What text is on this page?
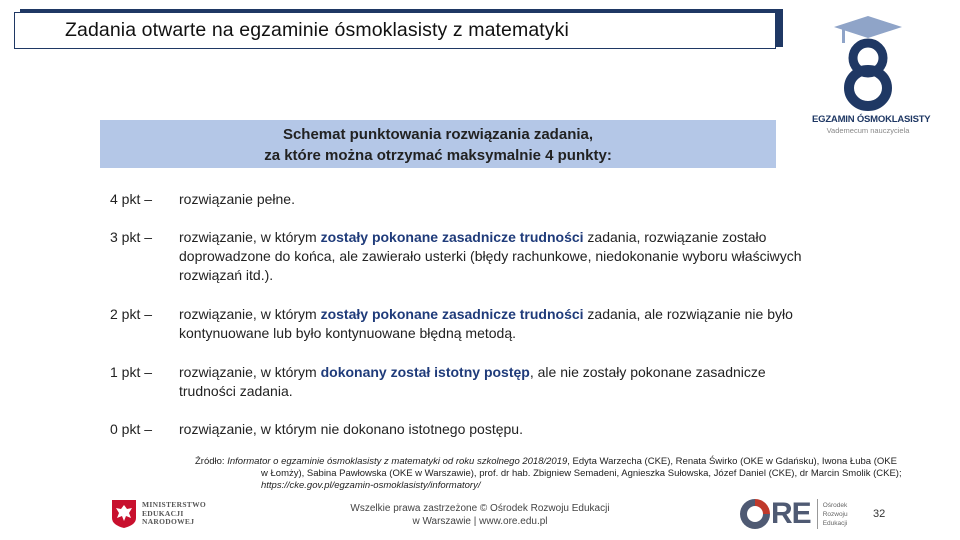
Zadania otwarte na egzaminie ósmoklasisty z matematyki
EGZAMIN ÓSMOKLASISTY
Vademecum nauczyciela
Schemat punktowania rozwiązania zadania,
za które można otrzymać maksymalnie 4 punkty:
4 pkt – rozwiązanie pełne.
3 pkt – rozwiązanie, w którym zostały pokonane zasadnicze trudności zadania, rozwiązanie zostało doprowadzone do końca, ale zawierało usterki (błędy rachunkowe, niedokonanie wyboru właściwych rozwiązań itd.).
2 pkt – rozwiązanie, w którym zostały pokonane zasadnicze trudności zadania, ale rozwiązanie nie było kontynuowane lub było kontynuowane błędną metodą.
1 pkt – rozwiązanie, w którym dokonany został istotny postęp, ale nie zostały pokonane zasadnicze trudności zadania.
0 pkt – rozwiązanie, w którym nie dokonano istotnego postępu.
Źródło: Informator o egzaminie ósmoklasisty z matematyki od roku szkolnego 2018/2019, Edyta Warzecha (CKE), Renata Świrko (OKE w Gdańsku), Iwona Łuba (OKE
w Łomży), Sabina Pawłowska (OKE w Warszawie), prof. dr hab. Zbigniew Semadeni, Agnieszka Sułowska, Józef Daniel (CKE), dr Marcin Smolik (CKE);
https://cke.gov.pl/egzamin-osmoklasisty/informatory/
MINISTERSTWO
EDUKACJI
NARODOWEJ
Wszelkie prawa zastrzeżone © Ośrodek Rozwoju Edukacji
w Warszawie | www.ore.edu.pl	RE Ośrodek
Rozwoju
Edukacji
32
